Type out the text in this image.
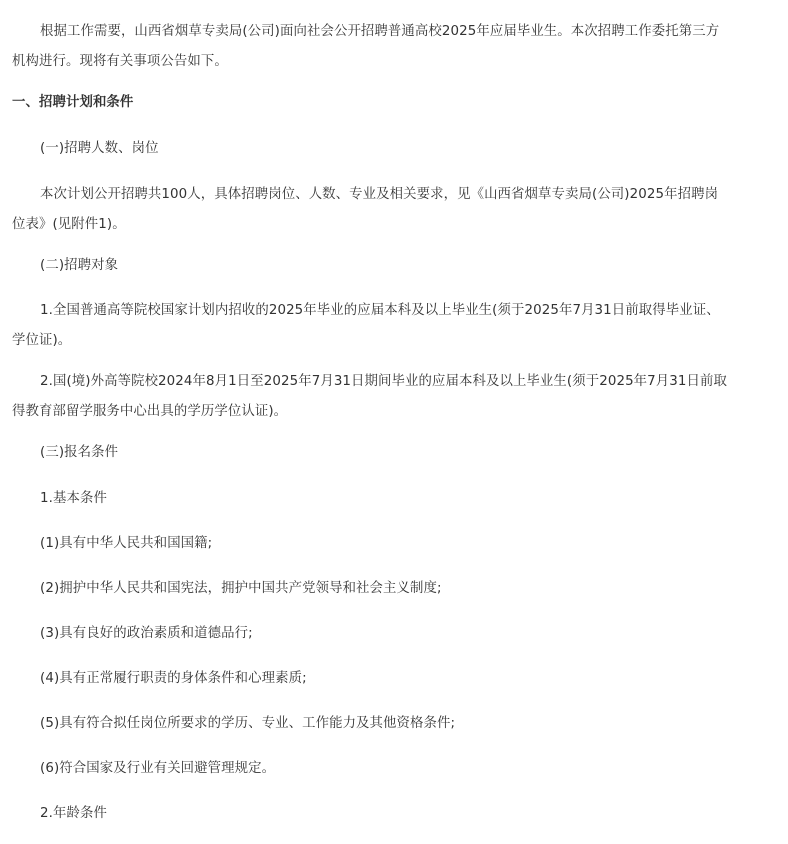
根据工作需要，山西省烟草专卖局(公司)面向社会公开招聘普通高校2025年应届毕业生。本次招聘工作委托第三方
机构进行。现将有关事项公告如下。
一、招聘计划和条件
(一)招聘人数、岗位
本次计划公开招聘共100人，具体招聘岗位、人数、专业及相关要求，见《山西省烟草专卖局(公司)2025年招聘岗
位表》(见附件1)。
(二)招聘对象
1.全国普通高等院校国家计划内招收的2025年毕业的应届本科及以上毕业生(须于2025年7月31日前取得毕业证、
学位证)。
2.国(境)外高等院校2024年8月1日至2025年7月31日期间毕业的应届本科及以上毕业生(须于2025年7月31日前取
得教育部留学服务中心出具的学历学位认证)。
(三)报名条件
1.基本条件
(1)具有中华人民共和国国籍;
(2)拥护中华人民共和国宪法，拥护中国共产党领导和社会主义制度;
(3)具有良好的政治素质和道德品行;
(4)具有正常履行职责的身体条件和心理素质;
(5)具有符合拟任岗位所要求的学历、专业、工作能力及其他资格条件;
(6)符合国家及行业有关回避管理规定。
2.年龄条件
